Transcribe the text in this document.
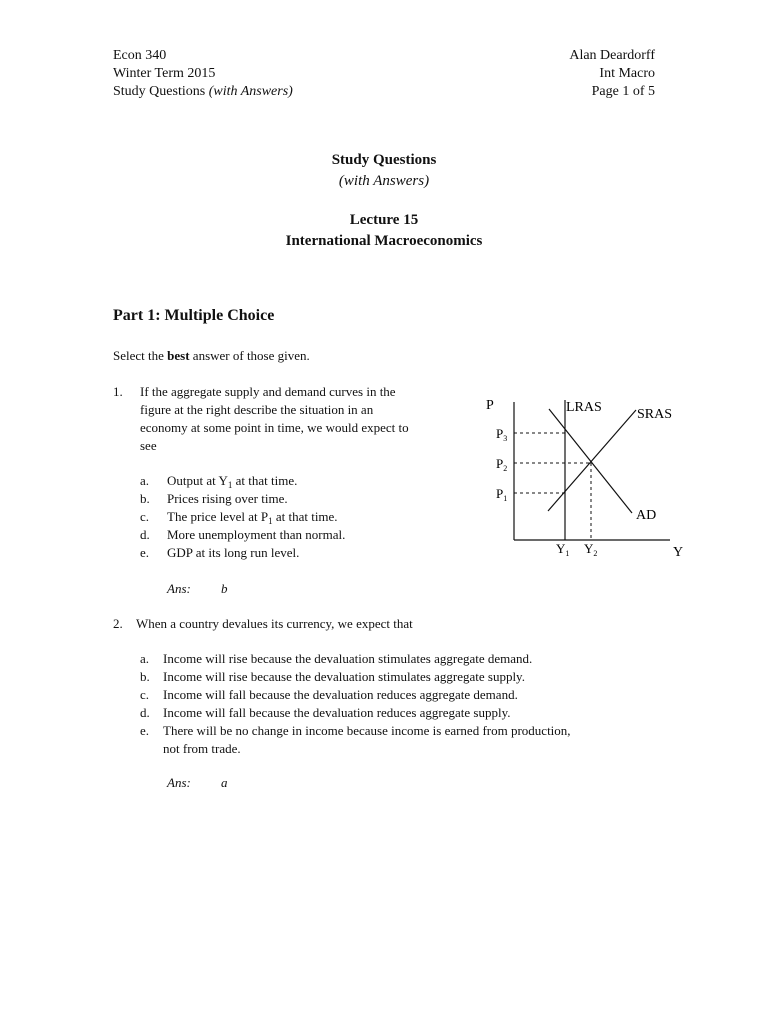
Econ 340
Winter Term 2015
Study Questions (with Answers)
Alan Deardorff
Int Macro
Page 1 of 5
Study Questions
(with Answers)
Lecture 15
International Macroeconomics
Part 1: Multiple Choice
Select the best answer of those given.
1. If the aggregate supply and demand curves in the
figure at the right describe the situation in an
economy at some point in time, we would expect to
see
a. Output at $Y_1$ at that time.
b. Prices rising over time.
c. The price level at $P_1$ at that time.
d. More unemployment than normal.
e. GDP at its long run level.
Ans: b
P
Y
LRAS	SRAS
AD
$P_3$
$P_2$
$P_1$
$Y_1$ $Y_2$
2. When a country devalues its currency, we expect that
a. Income will rise because the devaluation stimulates aggregate demand.
b. Income will rise because the devaluation stimulates aggregate supply.
c. Income will fall because the devaluation reduces aggregate demand.
d. Income will fall because the devaluation reduces aggregate supply.
e. There will be no change in income because income is earned from production,
not from trade.
Ans: a
